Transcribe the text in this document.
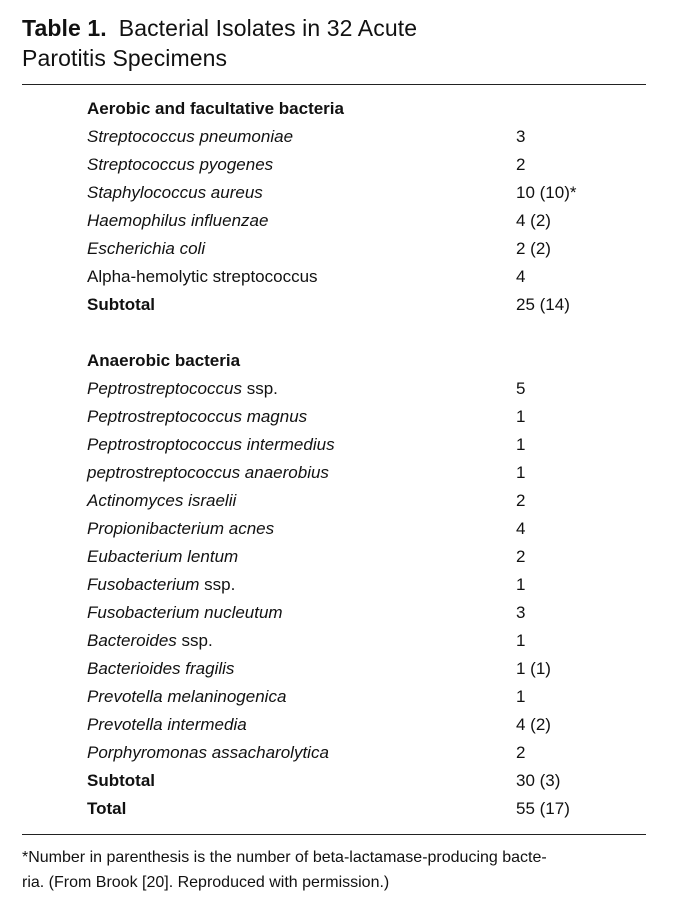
Table 1. Bacterial Isolates in 32 Acute
Parotitis Specimens
Aerobic and facultative bacteria
Streptococcus pneumoniae	3
Streptococcus pyogenes	2
Staphylococcus aureus	10 (10)*
Haemophilus influenzae	4 (2)
Escherichia coli	2 (2)
Alpha-hemolytic streptococcus	4
Subtotal	25 (14)
Anaerobic bacteria
Peptrostreptococcus ssp.	5
Peptrostreptococcus magnus	1
Peptrostroptococcus intermedius	1
peptrostreptococcus anaerobius	1
Actinomyces israelii	2
Propionibacterium acnes	4
Eubacterium lentum	2
Fusobacterium ssp.	1
Fusobacterium nucleutum	3
Bacteroides ssp.	1
Bacterioides fragilis	1 (1)
Prevotella melaninogenica	1
Prevotella intermedia	4 (2)
Porphyromonas assacharolytica	2
Subtotal	30 (3)
Total	55 (17)
*Number in parenthesis is the number of beta-lactamase-producing bacte-
ria. (From Brook [20]. Reproduced with permission.)
